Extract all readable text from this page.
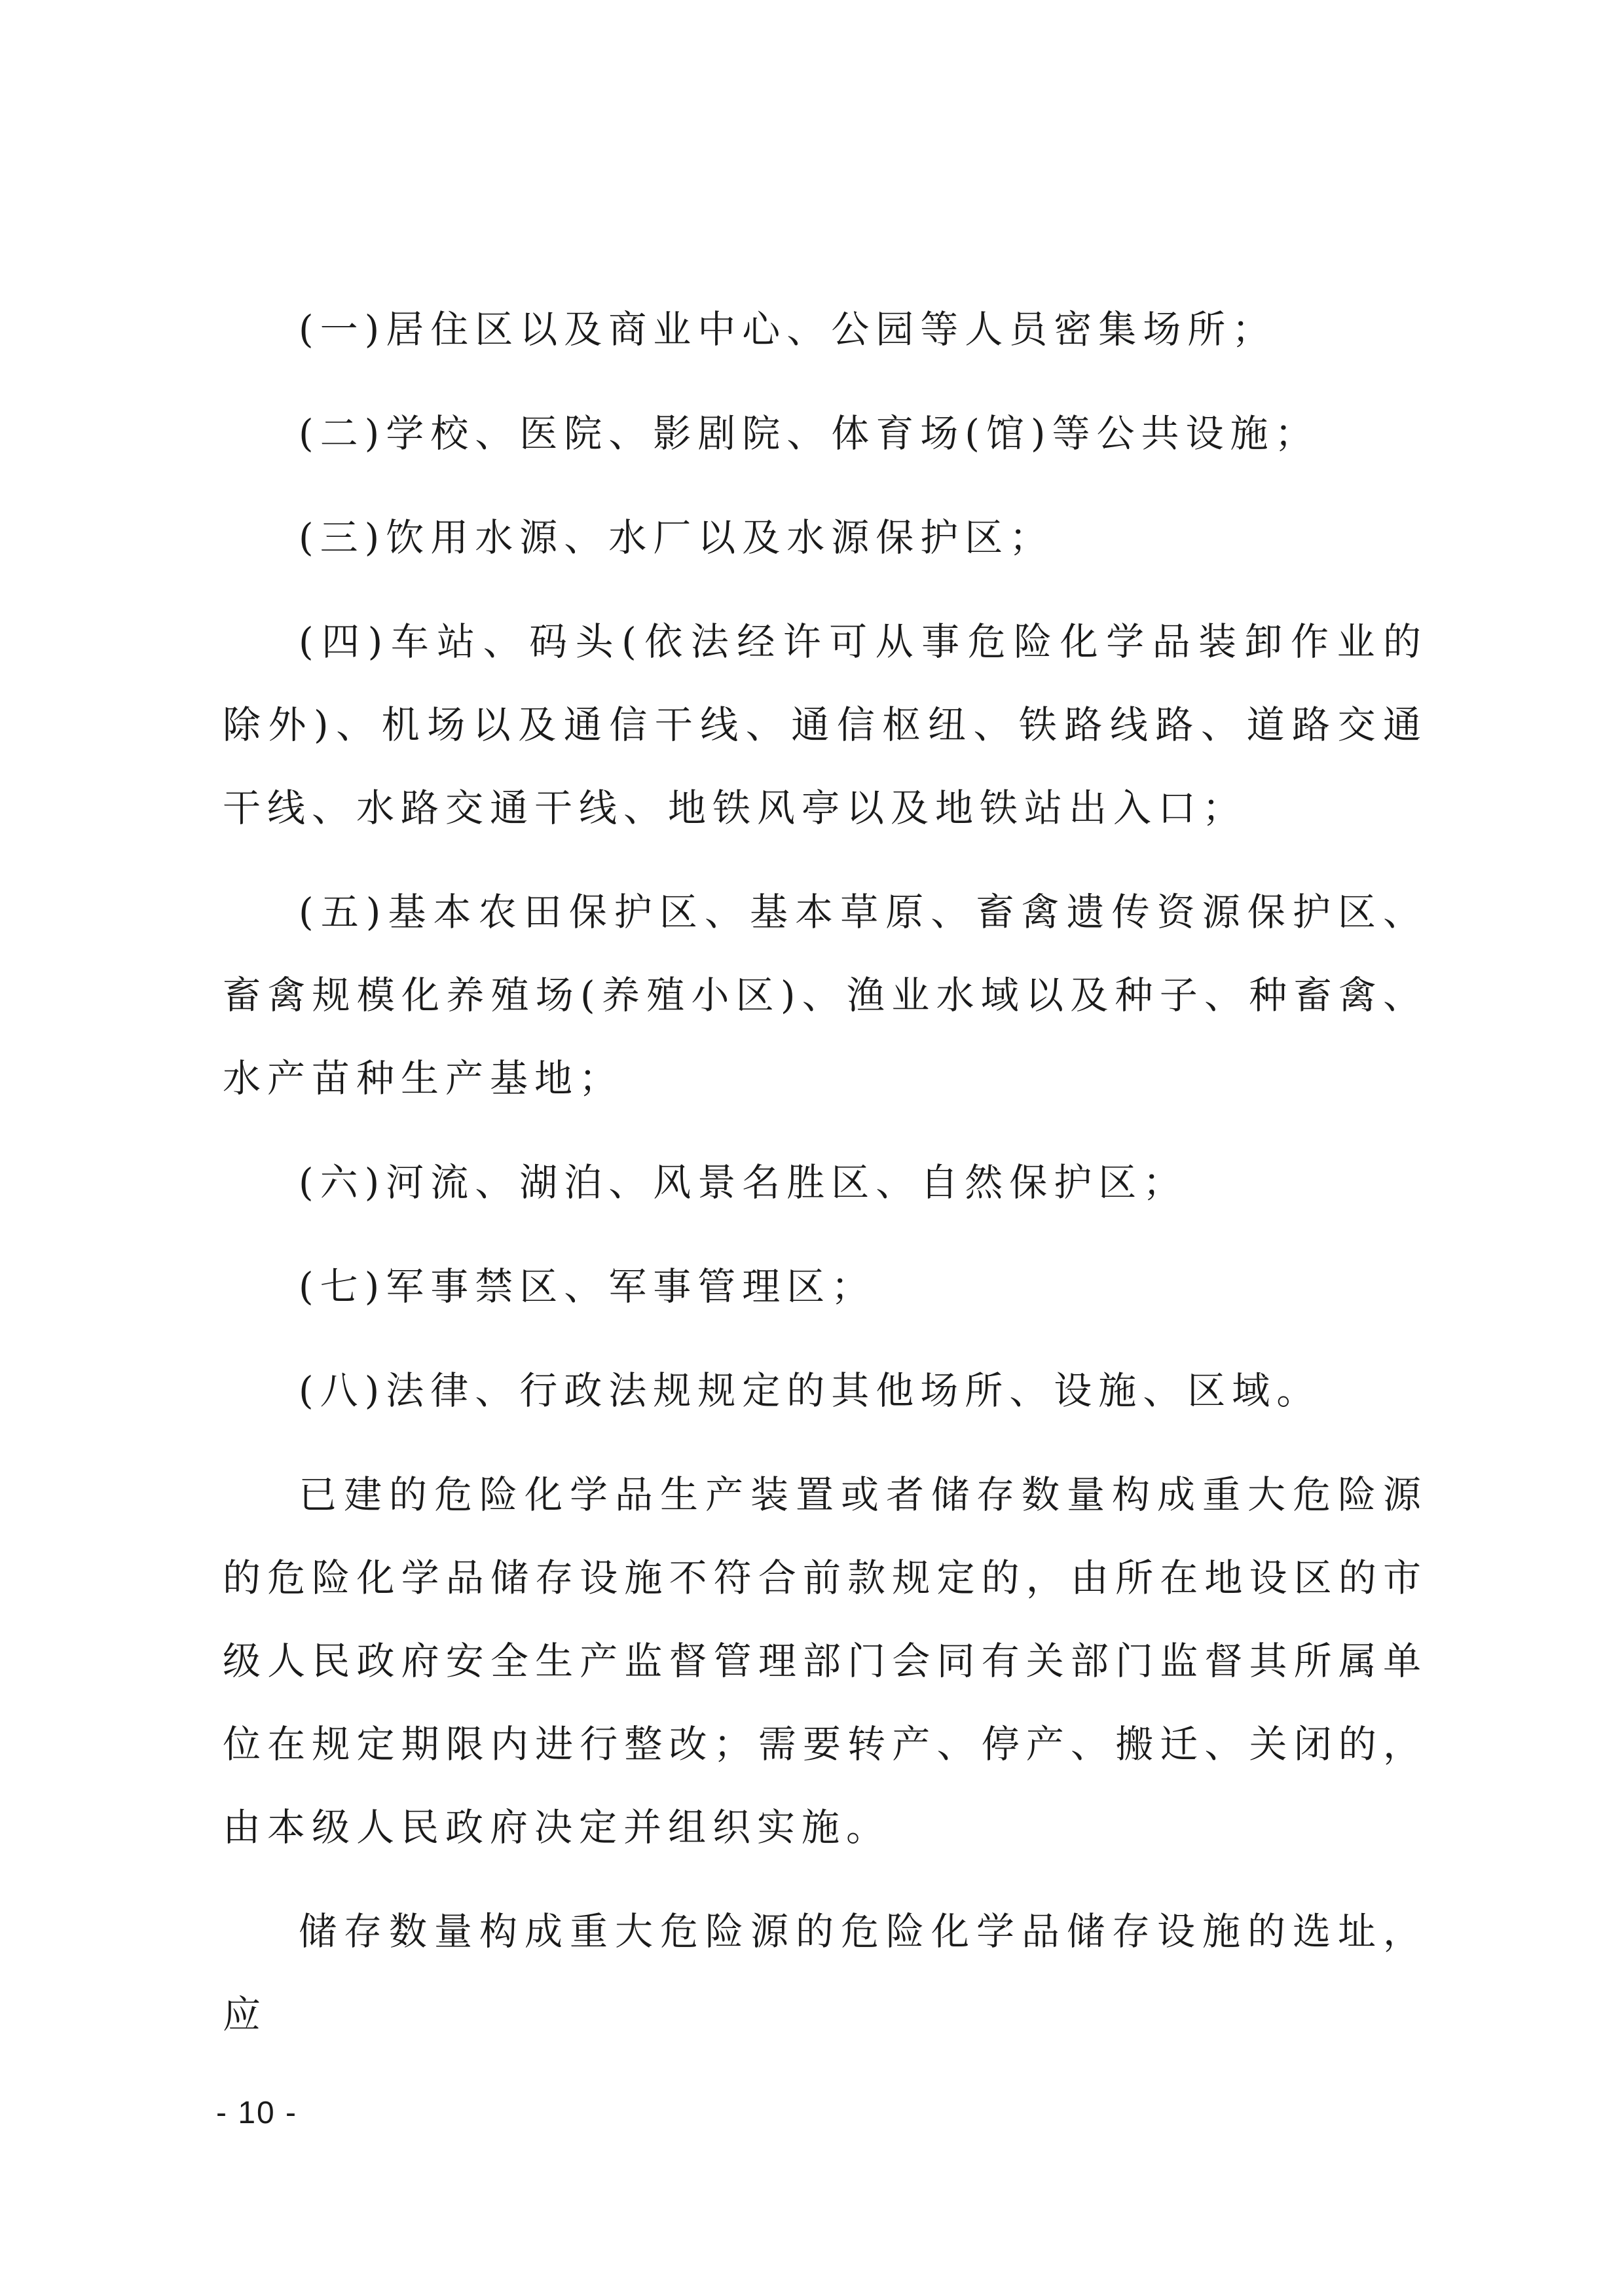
(一)居住区以及商业中心、公园等人员密集场所；

(二)学校、医院、影剧院、体育场(馆)等公共设施；

(三)饮用水源、水厂以及水源保护区；

(四)车站、码头(依法经许可从事危险化学品装卸作业的除外)、机场以及通信干线、通信枢纽、铁路线路、道路交通干线、水路交通干线、地铁风亭以及地铁站出入口；

(五)基本农田保护区、基本草原、畜禽遗传资源保护区、畜禽规模化养殖场(养殖小区)、渔业水域以及种子、种畜禽、水产苗种生产基地；

(六)河流、湖泊、风景名胜区、自然保护区；

(七)军事禁区、军事管理区；

(八)法律、行政法规规定的其他场所、设施、区域。

已建的危险化学品生产装置或者储存数量构成重大危险源的危险化学品储存设施不符合前款规定的，由所在地设区的市级人民政府安全生产监督管理部门会同有关部门监督其所属单位在规定期限内进行整改；需要转产、停产、搬迁、关闭的，由本级人民政府决定并组织实施。

储存数量构成重大危险源的危险化学品储存设施的选址，应

- 10 -
